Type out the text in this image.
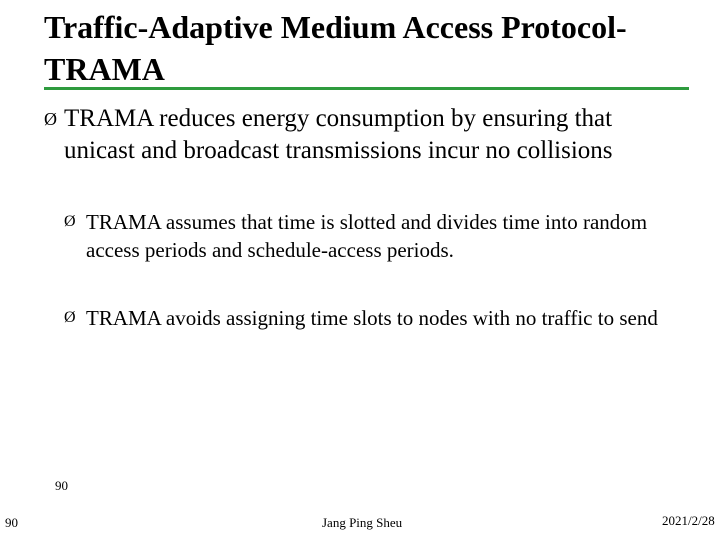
Traffic-Adaptive Medium Access Protocol- TRAMA
Ø TRAMA reduces energy consumption by ensuring that unicast and broadcast transmissions incur no collisions
Ø TRAMA assumes that time is slotted and divides time into random access periods and schedule-access periods.
Ø TRAMA avoids assigning time slots to nodes with no traffic to send
90
90
Jang Ping Sheu	2021/2/28
